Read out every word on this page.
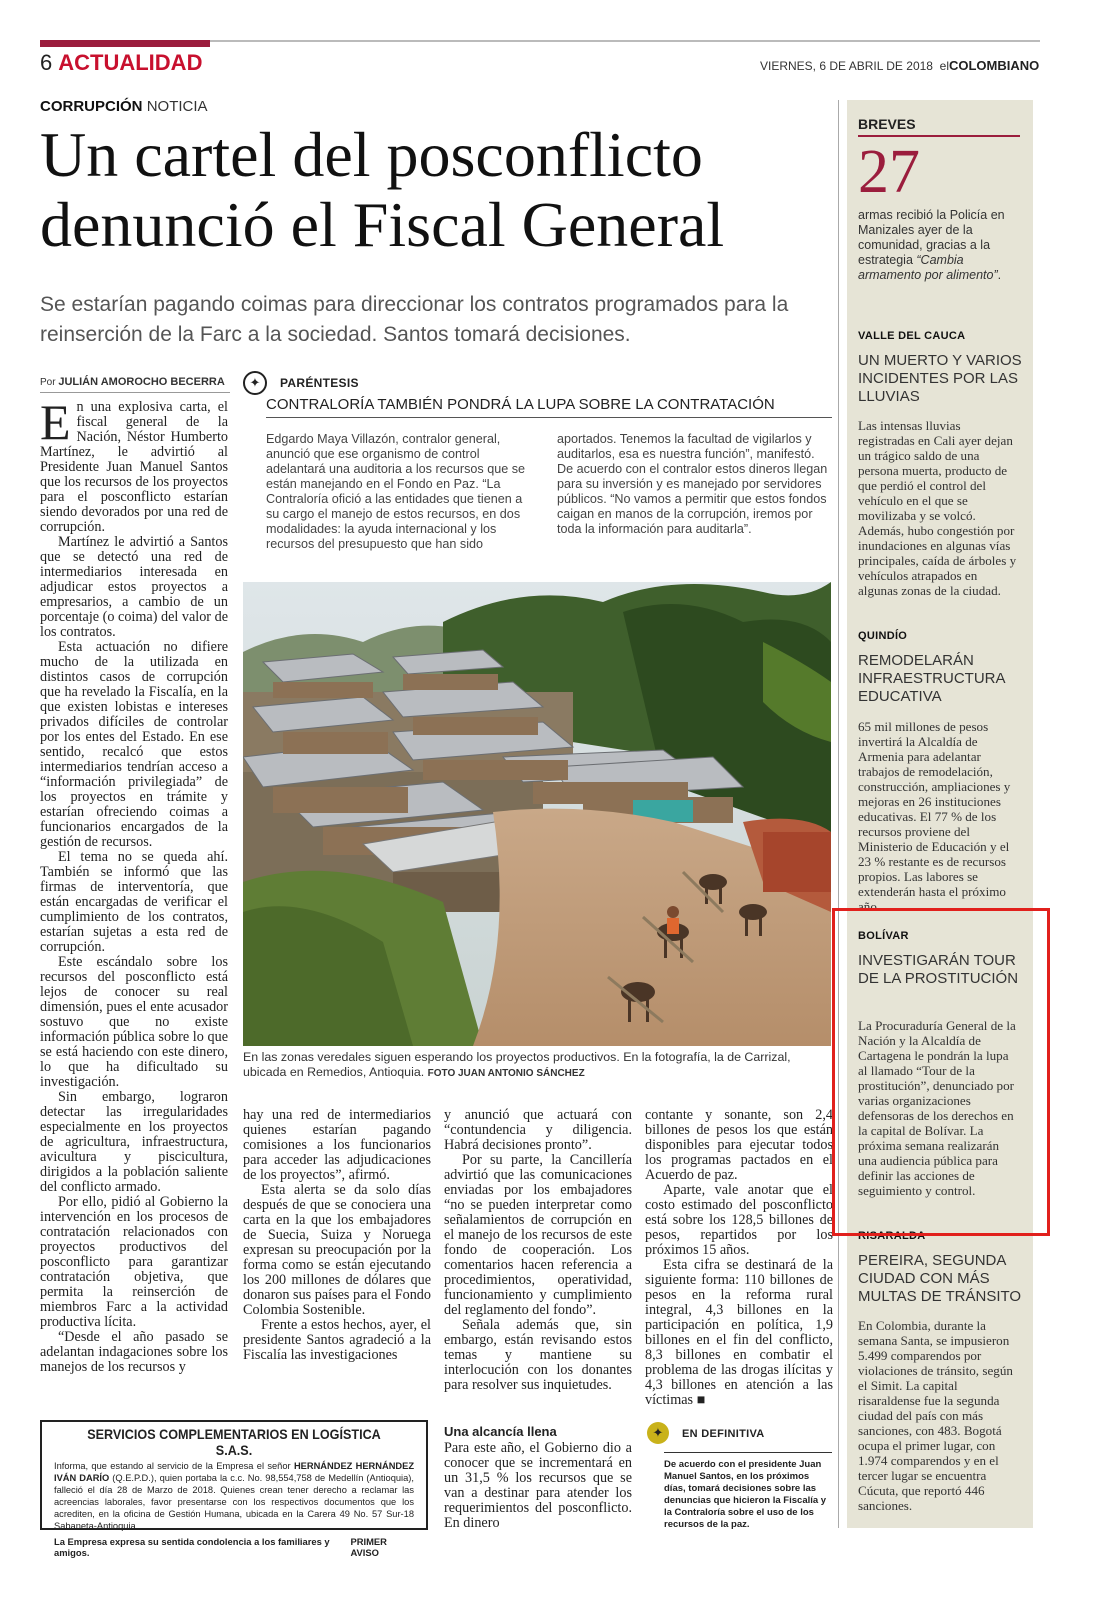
6 ACTUALIDAD	VIERNES, 6 DE ABRIL DE 2018 elCOLOMBIANO
CORRUPCIÓN NOTICIA
Un cartel del posconflicto
denunció el Fiscal General
Se estarían pagando coimas para direccionar los contratos programados para la reinserción de la Farc a la sociedad. Santos tomará decisiones.
Por JULIÁN AMOROCHO BECERRA

En una explosiva carta, el fiscal general de la Nación, Néstor Humberto Martínez, le advirtió al Presidente Juan Manuel Santos que los recursos de los proyectos para el posconflicto estarían siendo devorados por una red de corrupción.

Martínez le advirtió a Santos que se detectó una red de intermediarios interesada en adjudicar estos proyectos a empresarios, a cambio de un porcentaje (o coima) del valor de los contratos.

Esta actuación no difiere mucho de la utilizada en distintos casos de corrupción que ha revelado la Fiscalía, en la que existen lobistas e intereses privados difíciles de controlar por los entes del Estado. En ese sentido, recalcó que estos intermediarios tendrían acceso a “información privilegiada” de los proyectos en trámite y estarían ofreciendo coimas a funcionarios encargados de la gestión de recursos.

El tema no se queda ahí. También se informó que las firmas de interventoría, que están encargadas de verificar el cumplimiento de los contratos, estarían sujetas a esta red de corrupción.

Este escándalo sobre los recursos del posconflicto está lejos de conocer su real dimensión, pues el ente acusador sostuvo que no existe información pública sobre lo que se está haciendo con este dinero, lo que ha dificultado su investigación.

Sin embargo, lograron detectar las irregularidades especialmente en los proyectos de agricultura, infraestructura, avicultura y piscicultura, dirigidos a la población saliente del conflicto armado.

Por ello, pidió al Gobierno la intervención en los procesos de contratación relacionados con proyectos productivos del posconflicto para garantizar contratación objetiva, que permita la reinserción de miembros Farc a la actividad productiva lícita.

“Desde el año pasado se adelantan indagaciones sobre los manejos de los recursos y

✦	PARÉNTESIS
CONTRALORÍA TAMBIÉN PONDRÁ LA LUPA SOBRE LA CONTRATACIÓN
Edgardo Maya Villazón, contralor general, anunció que ese organismo de control adelantará una auditoria a los recursos que se están manejando en el Fondo en Paz. “La Contraloría ofició a las entidades que tienen a su cargo el manejo de estos recursos, en dos modalidades: la ayuda internacional y los recursos del presupuesto que han sido
aportados. Tenemos la facultad de vigilarlos y auditarlos, esa es nuestra función”, manifestó. De acuerdo con el contralor estos dineros llegan para su inversión y es manejado por servidores públicos. “No vamos a permitir que estos fondos caigan en manos de la corrupción, iremos por toda la información para auditarla”.
En las zonas veredales siguen esperando los proyectos productivos. En la fotografía, la de Carrizal, ubicada en Remedios, Antioquia. FOTO JUAN ANTONIO SÁNCHEZ

hay una red de intermediarios quienes estarían pagando comisiones a los funcionarios para acceder las adjudicaciones de los proyectos”, afirmó.

Esta alerta se da solo días después de que se conociera una carta en la que los embajadores de Suecia, Suiza y Noruega expresan su preocupación por la forma como se están ejecutando los 200 millones de dólares que donaron sus países para el Fondo Colombia Sostenible.

Frente a estos hechos, ayer, el presidente Santos agradeció a la Fiscalía las investigaciones

y anunció que actuará con “contundencia y diligencia. Habrá decisiones pronto”.

Por su parte, la Cancillería advirtió que las comunicaciones enviadas por los embajadores “no se pueden interpretar como señalamientos de corrupción en el manejo de los recursos de este fondo de cooperación. Los comentarios hacen referencia a procedimientos, operatividad, funcionamiento y cumplimiento del reglamento del fondo”.

Señala además que, sin embargo, están revisando estos temas y mantiene su interlocución con los donantes para resolver sus inquietudes.

contante y sonante, son 2,4 billones de pesos los que están disponibles para ejecutar todos los programas pactados en el Acuerdo de paz.

Aparte, vale anotar que el costo estimado del posconflicto está sobre los 128,5 billones de pesos, repartidos por los próximos 15 años.

Esta cifra se destinará de la siguiente forma: 110 billones de pesos en la reforma rural integral, 4,3 billones en la participación en política, 1,9 billones en el fin del conflicto, 8,3 billones en combatir el problema de las drogas ilícitas y 4,3 billones en atención a las víctimas ■

SERVICIOS COMPLEMENTARIOS EN LOGÍSTICA S.A.S.
Informa, que estando al servicio de la Empresa el señor HERNÁNDEZ HERNÁNDEZ IVÁN DARÍO (Q.E.P.D.), quien portaba la c.c. No. 98,554,758 de Medellín (Antioquia), falleció el día 28 de Marzo de 2018. Quienes crean tener derecho a reclamar las acreencias laborales, favor presentarse con los respectivos documentos que los acrediten, en la oficina de Gestión Humana, ubicada en la Carera 49 No. 57 Sur-18 Sabaneta-Antioquia
La Empresa expresa su sentida condolencia a los familiares y amigos.
PRIMER AVISO
Una alcancía llena

Para este año, el Gobierno dio a conocer que se incrementará en un 31,5 % los recursos que se van a destinar para atender los requerimientos del posconflicto. En dinero

✦	EN DEFINITIVA
De acuerdo con el presidente Juan Manuel Santos, en los próximos días, tomará decisiones sobre las denuncias que hicieron la Fiscalía y la Contraloría sobre el uso de los recursos de la paz.
BREVES
27
armas recibió la Policía en Manizales ayer de la comunidad, gracias a la estrategia “Cambia armamento por alimento”.
VALLE DEL CAUCA
UN MUERTO Y VARIOS INCIDENTES POR LAS LLUVIAS
Las intensas lluvias registradas en Cali ayer dejan un trágico saldo de una persona muerta, producto de que perdió el control del vehículo en el que se movilizaba y se volcó. Además, hubo congestión por inundaciones en algunas vías principales, caída de árboles y vehículos atrapados en algunas zonas de la ciudad.
QUINDÍO
REMODELARÁN INFRAESTRUCTURA EDUCATIVA
65 mil millones de pesos invertirá la Alcaldía de Armenia para adelantar trabajos de remodelación, construcción, ampliaciones y mejoras en 26 instituciones educativas. El 77 % de los recursos proviene del Ministerio de Educación y el 23 % restante es de recursos propios. Las labores se extenderán hasta el próximo año.
BOLÍVAR
INVESTIGARÁN TOUR DE LA PROSTITUCIÓN
La Procuraduría General de la Nación y la Alcaldía de Cartagena le pondrán la lupa al llamado “Tour de la prostitución”, denunciado por varias organizaciones defensoras de los derechos en la capital de Bolívar. La próxima semana realizarán una audiencia pública para definir las acciones de seguimiento y control.
RISARALDA
PEREIRA, SEGUNDA CIUDAD CON MÁS MULTAS DE TRÁNSITO
En Colombia, durante la semana Santa, se impusieron 5.499 comparendos por violaciones de tránsito, según el Simit. La capital risaraldense fue la segunda ciudad del país con más sanciones, con 483. Bogotá ocupa el primer lugar, con 1.974 comparendos y en el tercer lugar se encuentra Cúcuta, que reportó 446 sanciones.
